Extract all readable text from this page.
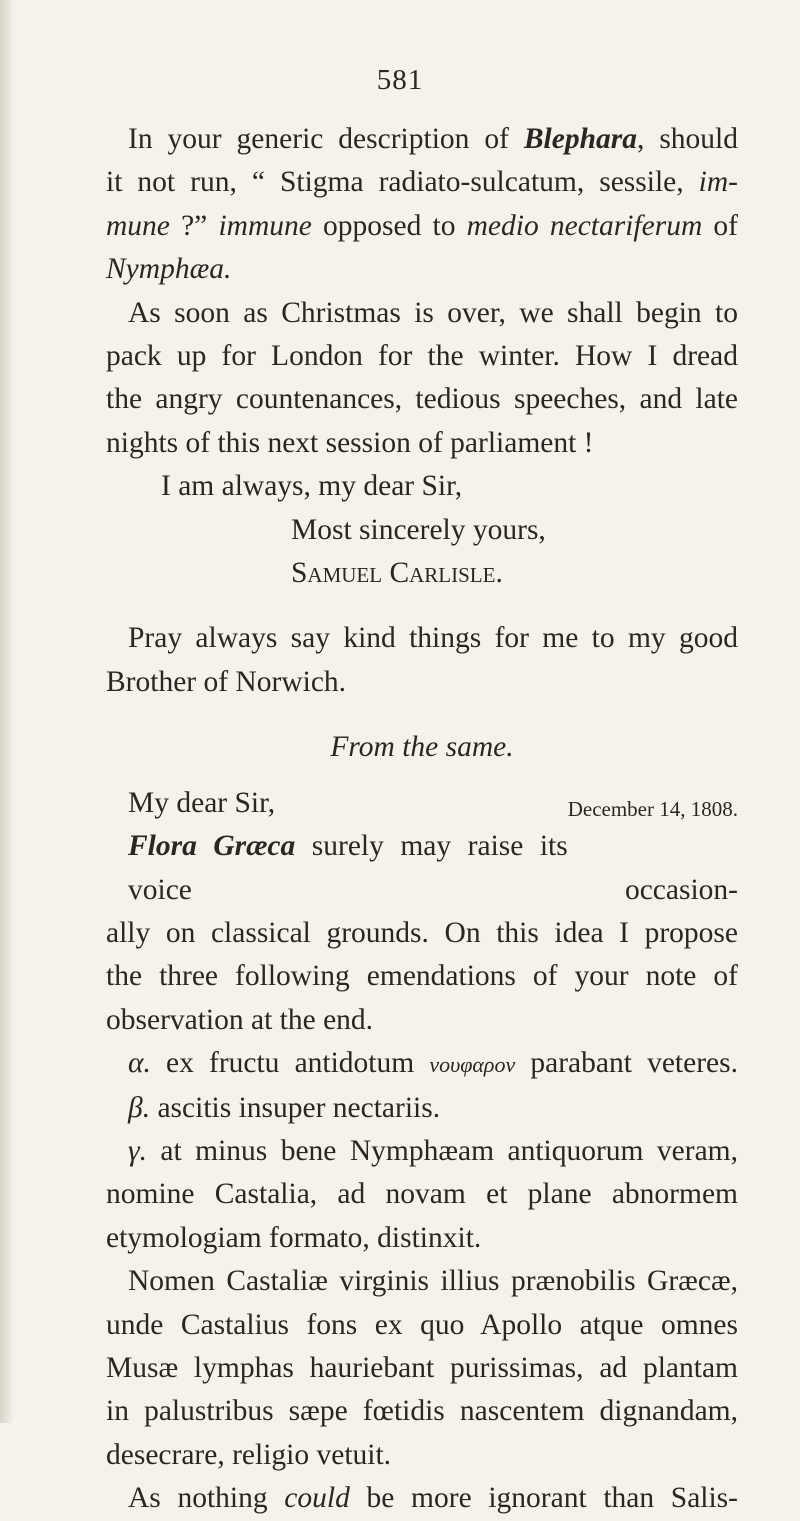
581
In your generic description of Blephara, should
it not run, “ Stigma radiato-sulcatum, sessile, im-
mune ?” immune opposed to medio nectariferum of
Nymphæa.
As soon as Christmas is over, we shall begin to
pack up for London for the winter. How I dread
the angry countenances, tedious speeches, and late
nights of this next session of parliament !
I am always, my dear Sir,
Most sincerely yours,
Samuel Carlisle.
Pray always say kind things for me to my good
Brother of Norwich.
From the same.
My dear Sir,	December 14, 1808.
Flora Græca surely may raise its voice occasion-
ally on classical grounds. On this idea I propose
the three following emendations of your note of
observation at the end.
α. ex fructu antidotum νουφαρον parabant veteres.
β. ascitis insuper nectariis.
γ. at minus bene Nymphæam antiquorum veram,
nomine Castalia, ad novam et plane abnormem
etymologiam formato, distinxit.
Nomen Castaliæ virginis illius prænobilis Græcæ,
unde Castalius fons ex quo Apollo atque omnes
Musæ lymphas hauriebant purissimas, ad plantam
in palustribus sæpe fœtidis nascentem dignandam,
desecrare, religio vetuit.
As nothing could be more ignorant than Salis-
